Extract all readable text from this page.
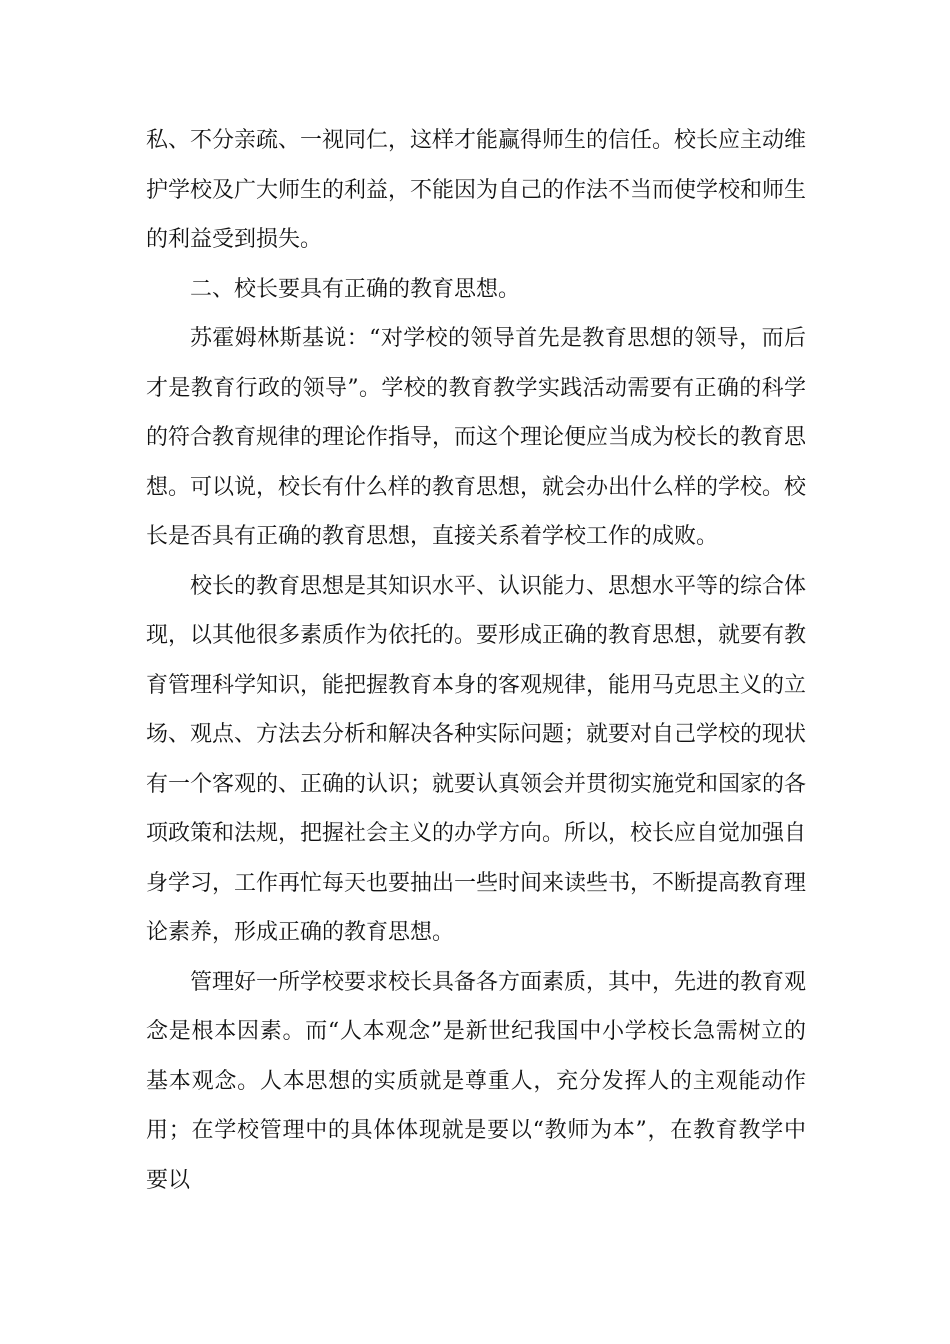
私、不分亲疏、一视同仁，这样才能赢得师生的信任。校长应主动维护学校及广大师生的利益，不能因为自己的作法不当而使学校和师生的利益受到损失。

二、校长要具有正确的教育思想。

苏霍姆林斯基说：“对学校的领导首先是教育思想的领导，而后才是教育行政的领导”。学校的教育教学实践活动需要有正确的科学的符合教育规律的理论作指导，而这个理论便应当成为校长的教育思想。可以说，校长有什么样的教育思想，就会办出什么样的学校。校长是否具有正确的教育思想，直接关系着学校工作的成败。

校长的教育思想是其知识水平、认识能力、思想水平等的综合体现，以其他很多素质作为依托的。要形成正确的教育思想，就要有教育管理科学知识，能把握教育本身的客观规律，能用马克思主义的立场、观点、方法去分析和解决各种实际问题；就要对自己学校的现状有一个客观的、正确的认识；就要认真领会并贯彻实施党和国家的各项政策和法规，把握社会主义的办学方向。所以，校长应自觉加强自身学习，工作再忙每天也要抽出一些时间来读些书，不断提高教育理论素养，形成正确的教育思想。

管理好一所学校要求校长具备各方面素质，其中，先进的教育观念是根本因素。而“人本观念”是新世纪我国中小学校长急需树立的基本观念。人本思想的实质就是尊重人，充分发挥人的主观能动作用；在学校管理中的具体体现就是要以“教师为本”，在教育教学中要以
